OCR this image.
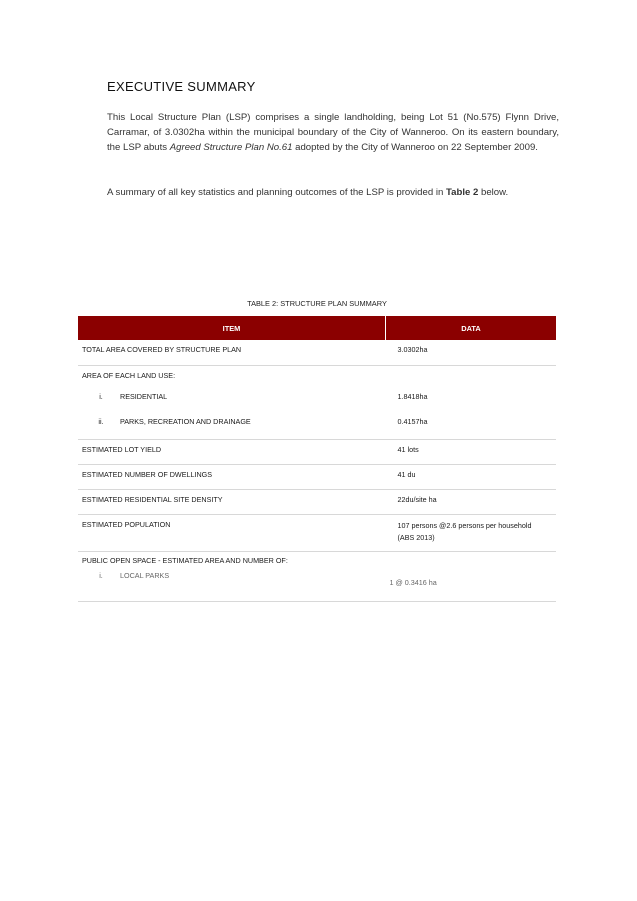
EXECUTIVE SUMMARY

This Local Structure Plan (LSP) comprises a single landholding, being Lot 51 (No.575) Flynn Drive, Carramar, of 3.0302ha within the municipal boundary of the City of Wanneroo. On its eastern boundary, the LSP abuts Agreed Structure Plan No.61 adopted by the City of Wanneroo on 22 September 2009.

A summary of all key statistics and planning outcomes of the LSP is provided in Table 2 below.

TABLE 2: STRUCTURE PLAN SUMMARY

ITEM	DATA
TOTAL AREA COVERED BY STRUCTURE PLAN	3.0302ha
AREA OF EACH LAND USE:	
i. RESIDENTIAL	1.8418ha
ii. PARKS, RECREATION AND DRAINAGE	0.4157ha
ESTIMATED LOT YIELD	41 lots
ESTIMATED NUMBER OF DWELLINGS	41 du
ESTIMATED RESIDENTIAL SITE DENSITY	22du/site ha
ESTIMATED POPULATION	107 persons @2.6 persons per household (ABS 2013)
PUBLIC OPEN SPACE - ESTIMATED AREA AND NUMBER OF:	
i. LOCAL PARKS	1 @ 0.3416 ha
